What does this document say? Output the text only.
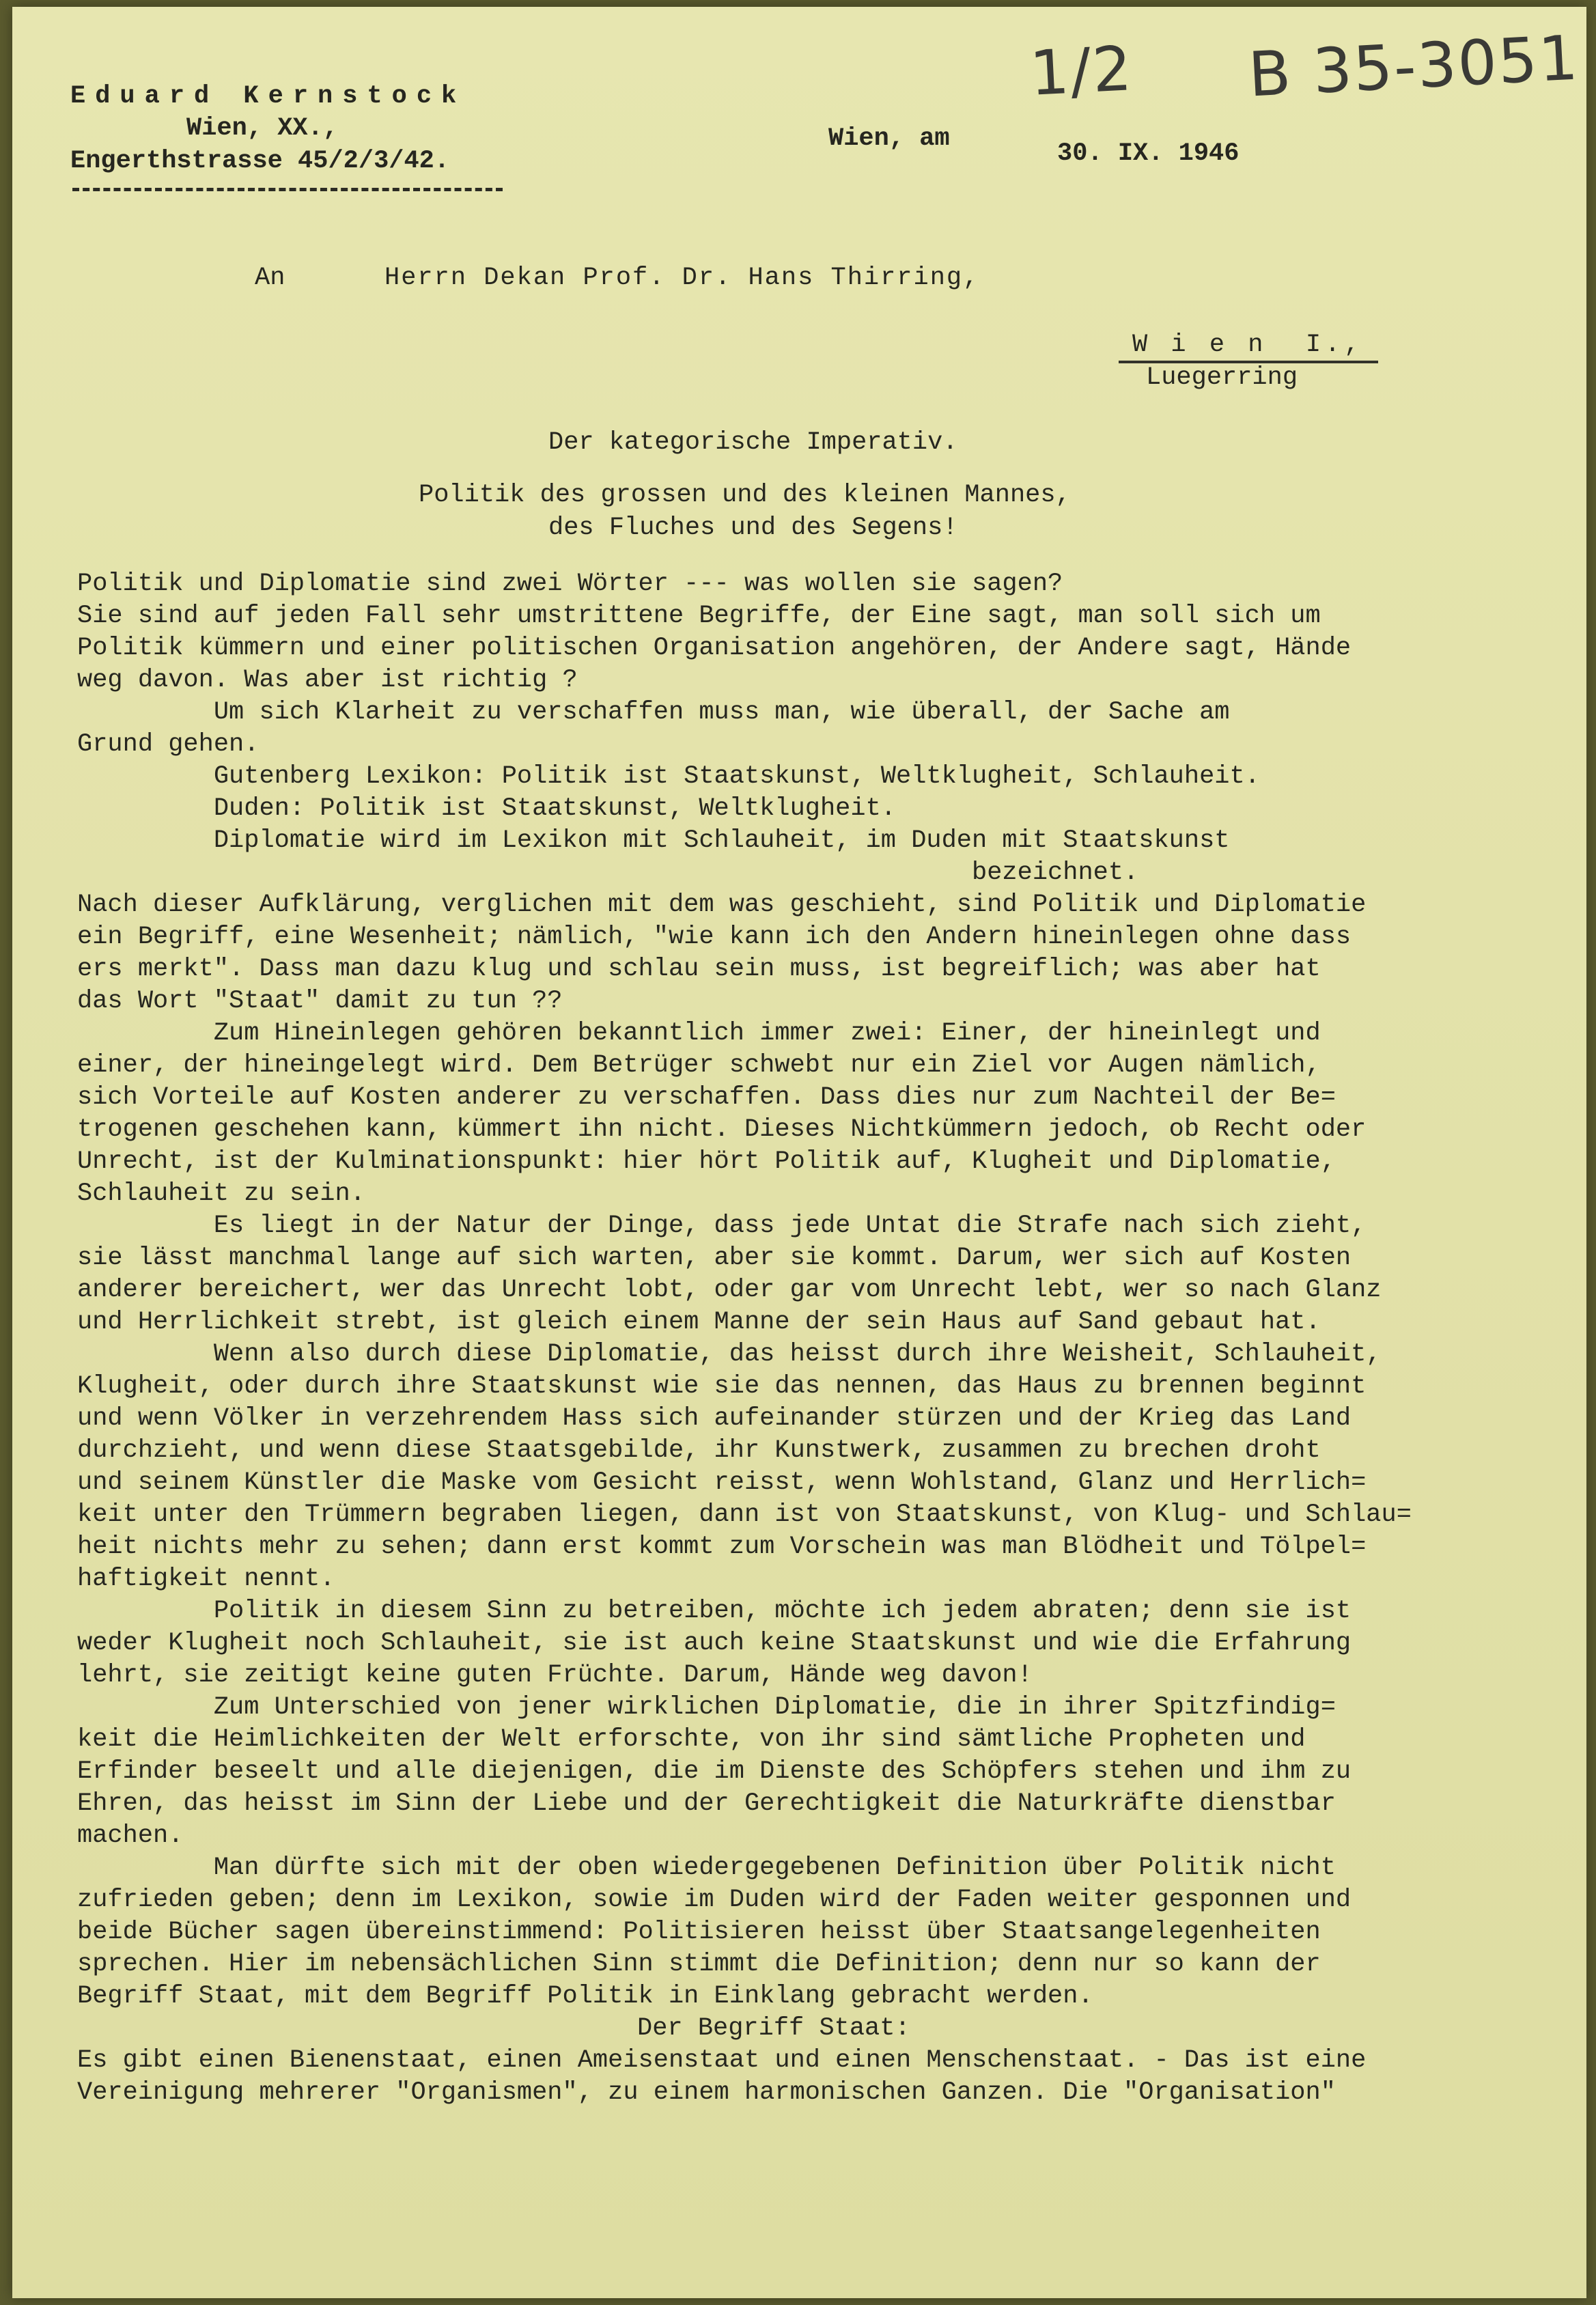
Eduard Kernstock
Wien, XX.,
Engerthstrasse 45/2/3/42.
Wien, am
30. IX. 1946
1/2 B 35-3051
An	Herrn Dekan Prof. Dr. Hans Thirring,
W i e n  I.,
Luegerring
Der kategorische Imperativ.
Politik des grossen und des kleinen Mannes,
des Fluches und des Segens!
Politik und Diplomatie sind zwei Wörter --- was wollen sie sagen?
Sie sind auf jeden Fall sehr umstrittene Begriffe, der Eine sagt, man soll sich um
Politik kümmern und einer politischen Organisation angehören, der Andere sagt, Hände
weg davon. Was aber ist richtig ?
Um sich Klarheit zu verschaffen muss man, wie überall, der Sache am
Grund gehen.
Gutenberg Lexikon: Politik ist Staatskunst, Weltklugheit, Schlauheit.
Duden: Politik ist Staatskunst, Weltklugheit.
Diplomatie wird im Lexikon mit Schlauheit, im Duden mit Staatskunst
bezeichnet.
Nach dieser Aufklärung, verglichen mit dem was geschieht, sind Politik und Diplomatie
ein Begriff, eine Wesenheit; nämlich, "wie kann ich den Andern hineinlegen ohne dass
ers merkt". Dass man dazu klug und schlau sein muss, ist begreiflich; was aber hat
das Wort "Staat" damit zu tun ??
Zum Hineinlegen gehören bekanntlich immer zwei: Einer, der hineinlegt und
einer, der hineingelegt wird. Dem Betrüger schwebt nur ein Ziel vor Augen nämlich,
sich Vorteile auf Kosten anderer zu verschaffen. Dass dies nur zum Nachteil der Be=
trogenen geschehen kann, kümmert ihn nicht. Dieses Nichtkümmern jedoch, ob Recht oder
Unrecht, ist der Kulminationspunkt: hier hört Politik auf, Klugheit und Diplomatie,
Schlauheit zu sein.
Es liegt in der Natur der Dinge, dass jede Untat die Strafe nach sich zieht,
sie lässt manchmal lange auf sich warten, aber sie kommt. Darum, wer sich auf Kosten
anderer bereichert, wer das Unrecht lobt, oder gar vom Unrecht lebt, wer so nach Glanz
und Herrlichkeit strebt, ist gleich einem Manne der sein Haus auf Sand gebaut hat.
Wenn also durch diese Diplomatie, das heisst durch ihre Weisheit, Schlauheit,
Klugheit, oder durch ihre Staatskunst wie sie das nennen, das Haus zu brennen beginnt
und wenn Völker in verzehrendem Hass sich aufeinander stürzen und der Krieg das Land
durchzieht, und wenn diese Staatsgebilde, ihr Kunstwerk, zusammen zu brechen droht
und seinem Künstler die Maske vom Gesicht reisst, wenn Wohlstand, Glanz und Herrlich=
keit unter den Trümmern begraben liegen, dann ist von Staatskunst, von Klug- und Schlau=
heit nichts mehr zu sehen; dann erst kommt zum Vorschein was man Blödheit und Tölpel=
haftigkeit nennt.
Politik in diesem Sinn zu betreiben, möchte ich jedem abraten; denn sie ist
weder Klugheit noch Schlauheit, sie ist auch keine Staatskunst und wie die Erfahrung
lehrt, sie zeitigt keine guten Früchte. Darum, Hände weg davon!
Zum Unterschied von jener wirklichen Diplomatie, die in ihrer Spitzfindig=
keit die Heimlichkeiten der Welt erforschte, von ihr sind sämtliche Propheten und
Erfinder beseelt und alle diejenigen, die im Dienste des Schöpfers stehen und ihm zu
Ehren, das heisst im Sinn der Liebe und der Gerechtigkeit die Naturkräfte dienstbar
machen.
Man dürfte sich mit der oben wiedergegebenen Definition über Politik nicht
zufrieden geben; denn im Lexikon, sowie im Duden wird der Faden weiter gesponnen und
beide Bücher sagen übereinstimmend: Politisieren heisst über Staatsangelegenheiten
sprechen. Hier im nebensächlichen Sinn stimmt die Definition; denn nur so kann der
Begriff Staat, mit dem Begriff Politik in Einklang gebracht werden.
Der Begriff Staat:
Es gibt einen Bienenstaat, einen Ameisenstaat und einen Menschenstaat. - Das ist eine
Vereinigung mehrerer "Organismen", zu einem harmonischen Ganzen. Die "Organisation"
